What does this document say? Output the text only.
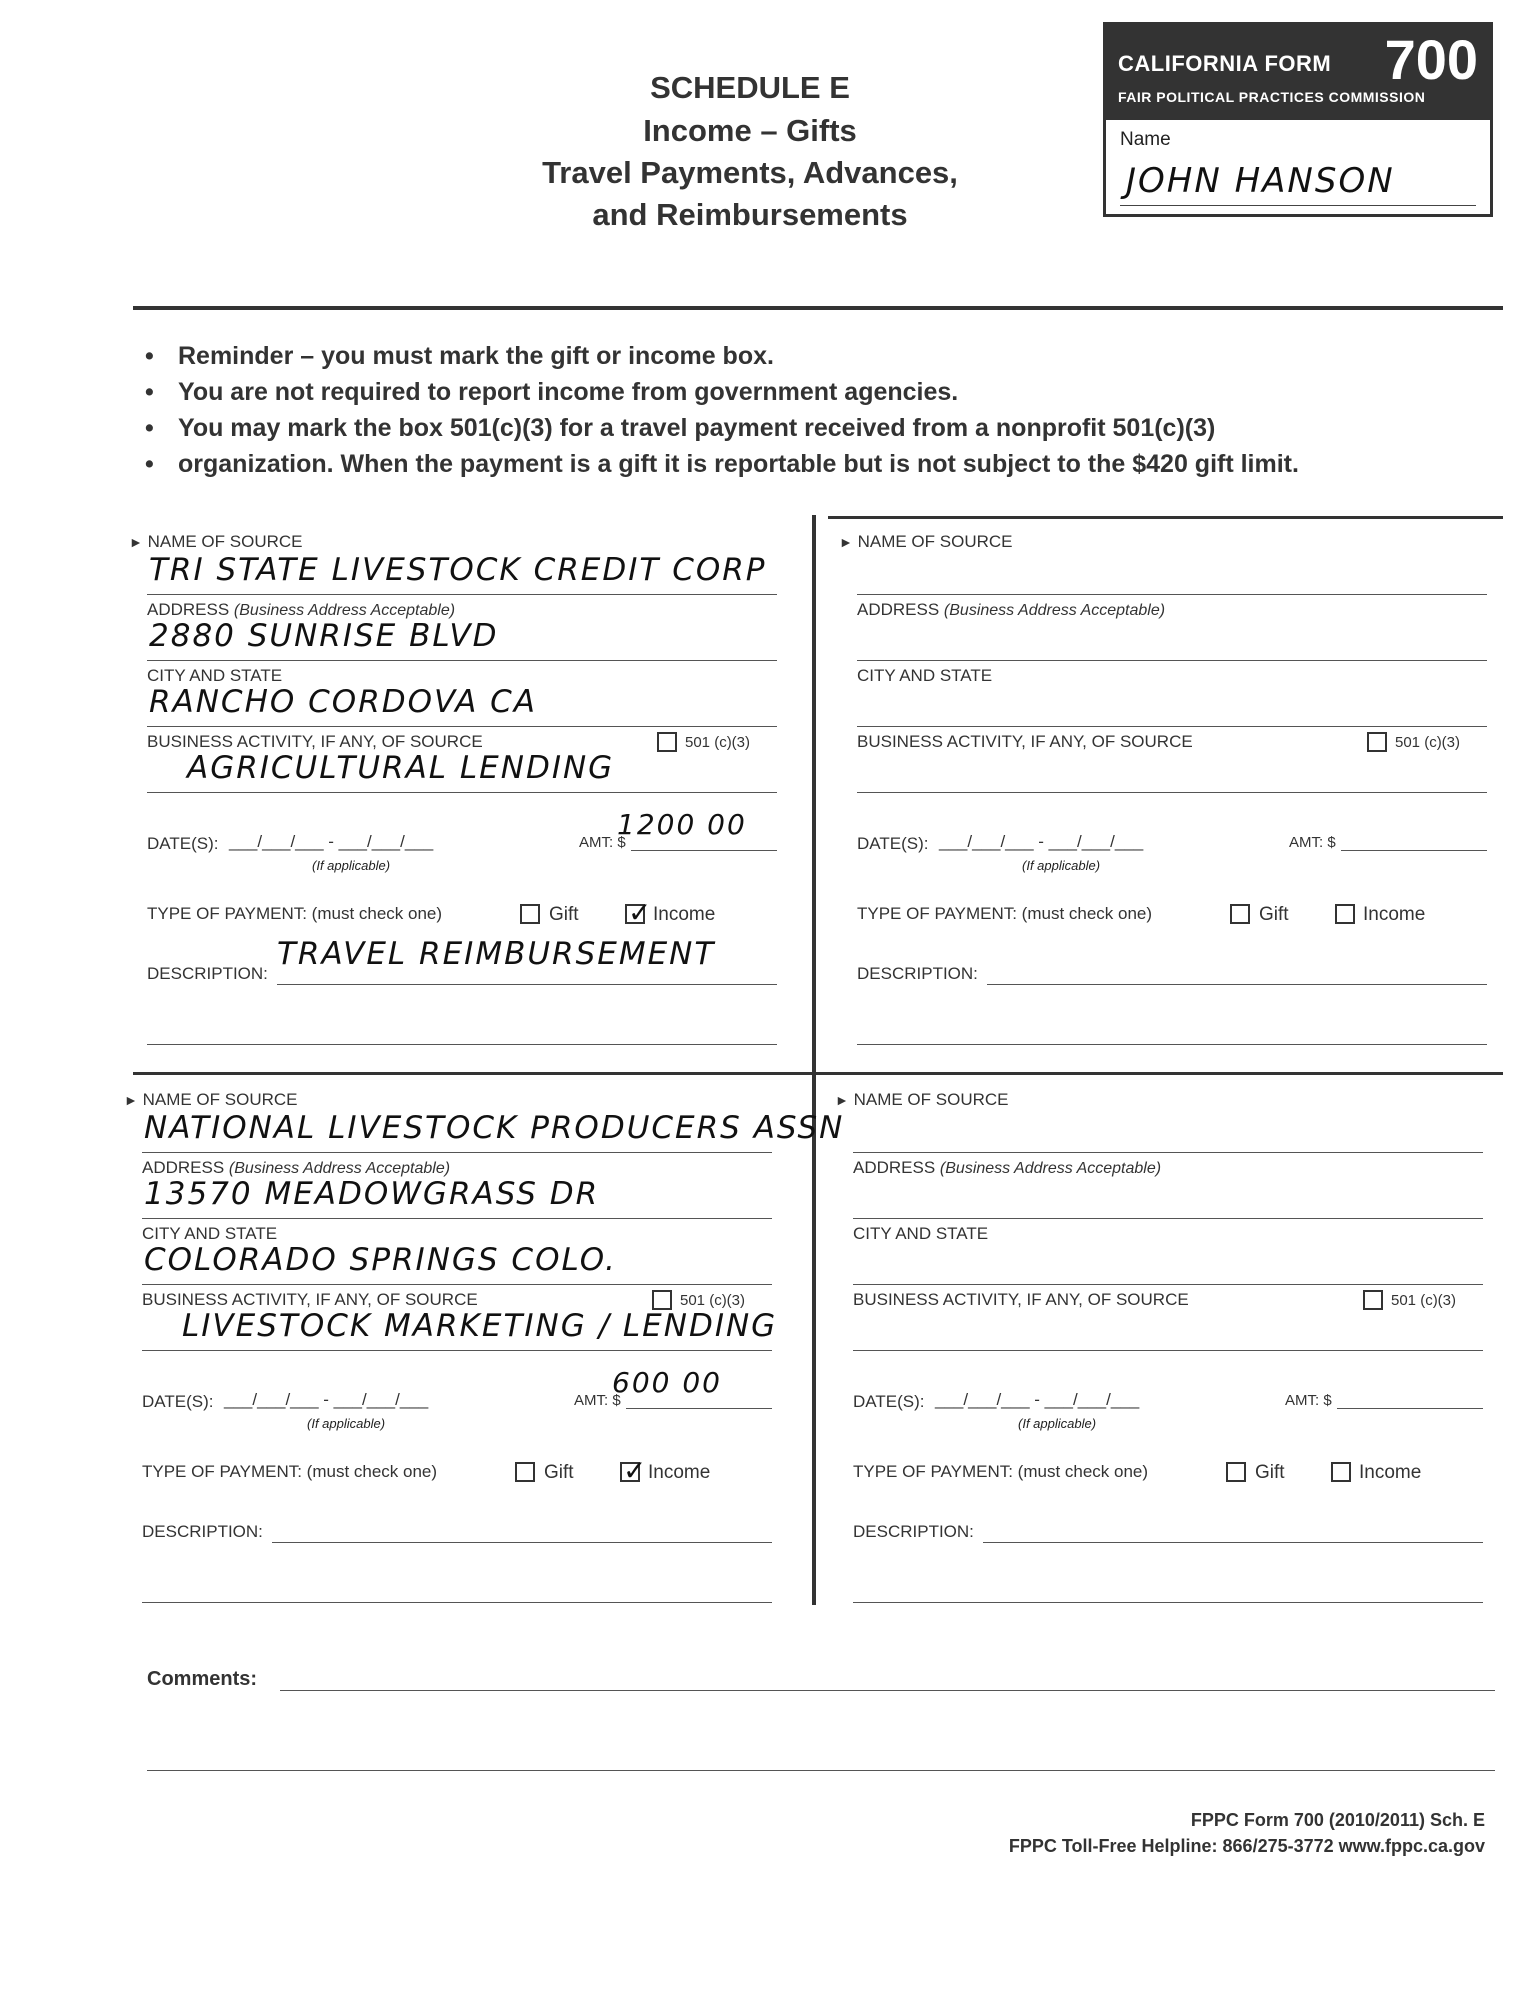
SCHEDULE E
Income – Gifts
Travel Payments, Advances,
and Reimbursements
CALIFORNIA FORM 700
FAIR POLITICAL PRACTICES COMMISSION
Name
JOHN HANSON
• Reminder – you must mark the gift or income box.
• You are not required to report income from government agencies.
• You may mark the box 501(c)(3) for a travel payment received from a nonprofit 501(c)(3)
• organization. When the payment is a gift it is reportable but is not subject to the $420 gift limit.
► NAME OF SOURCE
TRI STATE LIVESTOCK CREDIT CORP
ADDRESS (Business Address Acceptable)
2880 SUNRISE BLVD
CITY AND STATE
RANCHO CORDOVA CA
BUSINESS ACTIVITY, IF ANY, OF SOURCE	501 (c)(3)
AGRICULTURAL LENDING
DATE(S): ___/___/___ - ___/___/___	AMT: $
1200 00
(If applicable)
TYPE OF PAYMENT: (must check one)	Gift ✓	Income
DESCRIPTION:
TRAVEL REIMBURSEMENT
► NAME OF SOURCE
ADDRESS (Business Address Acceptable)
CITY AND STATE
BUSINESS ACTIVITY, IF ANY, OF SOURCE	501 (c)(3)
DATE(S): ___/___/___ - ___/___/___	AMT: $
(If applicable)
TYPE OF PAYMENT: (must check one)	Gift	Income
DESCRIPTION:
► NAME OF SOURCE
NATIONAL LIVESTOCK PRODUCERS ASSN
ADDRESS (Business Address Acceptable)
13570 MEADOWGRASS DR
CITY AND STATE
COLORADO SPRINGS COLO.
BUSINESS ACTIVITY, IF ANY, OF SOURCE	501 (c)(3)
LIVESTOCK MARKETING / LENDING
DATE(S): ___/___/___ - ___/___/___	AMT: $
600 00
(If applicable)
TYPE OF PAYMENT: (must check one)	Gift ✓	Income
DESCRIPTION:
► NAME OF SOURCE
ADDRESS (Business Address Acceptable)
CITY AND STATE
BUSINESS ACTIVITY, IF ANY, OF SOURCE	501 (c)(3)
DATE(S): ___/___/___ - ___/___/___	AMT: $
(If applicable)
TYPE OF PAYMENT: (must check one)	Gift	Income
DESCRIPTION:
Comments:
FPPC Form 700 (2010/2011) Sch. E
FPPC Toll-Free Helpline: 866/275-3772 www.fppc.ca.gov
